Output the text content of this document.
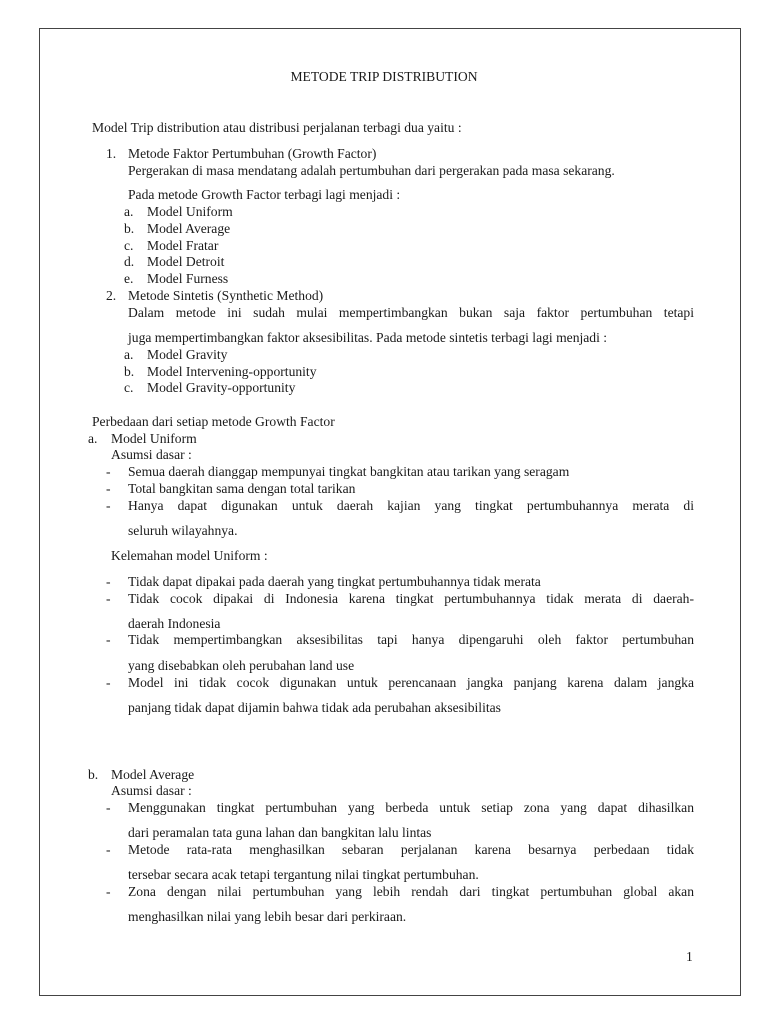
METODE TRIP DISTRIBUTION
Model Trip distribution atau distribusi perjalanan terbagi dua yaitu :
1. Metode Faktor Pertumbuhan (Growth Factor)
Pergerakan di masa mendatang adalah pertumbuhan dari pergerakan pada masa sekarang.
Pada metode Growth Factor terbagi lagi menjadi :
a. Model Uniform
b. Model Average
c. Model Fratar
d. Model Detroit
e. Model Furness
2. Metode Sintetis (Synthetic Method)
Dalam metode ini sudah mulai mempertimbangkan bukan saja faktor pertumbuhan tetapi
juga mempertimbangkan faktor aksesibilitas. Pada metode sintetis terbagi lagi menjadi :
a. Model Gravity
b. Model Intervening-opportunity
c. Model Gravity-opportunity
Perbedaan dari setiap metode Growth Factor
a. Model Uniform
Asumsi dasar :
- Semua daerah dianggap mempunyai tingkat bangkitan atau tarikan yang seragam
- Total bangkitan sama dengan total tarikan
- Hanya dapat digunakan untuk daerah kajian yang tingkat pertumbuhannya merata di
seluruh wilayahnya.
Kelemahan model Uniform :
- Tidak dapat dipakai pada daerah yang tingkat pertumbuhannya tidak merata
- Tidak cocok dipakai di Indonesia karena tingkat pertumbuhannya tidak merata di daerah-
daerah Indonesia
- Tidak mempertimbangkan aksesibilitas tapi hanya dipengaruhi oleh faktor pertumbuhan
yang disebabkan oleh perubahan land use
- Model ini tidak cocok digunakan untuk perencanaan jangka panjang karena dalam jangka
panjang tidak dapat dijamin bahwa tidak ada perubahan aksesibilitas
b. Model Average
Asumsi dasar :
- Menggunakan tingkat pertumbuhan yang berbeda untuk setiap zona yang dapat dihasilkan
dari peramalan tata guna lahan dan bangkitan lalu lintas
- Metode rata-rata menghasilkan sebaran perjalanan karena besarnya perbedaan tidak
tersebar secara acak tetapi tergantung nilai tingkat pertumbuhan.
- Zona dengan nilai pertumbuhan yang lebih rendah dari tingkat pertumbuhan global akan
menghasilkan nilai yang lebih besar dari perkiraan.
1
